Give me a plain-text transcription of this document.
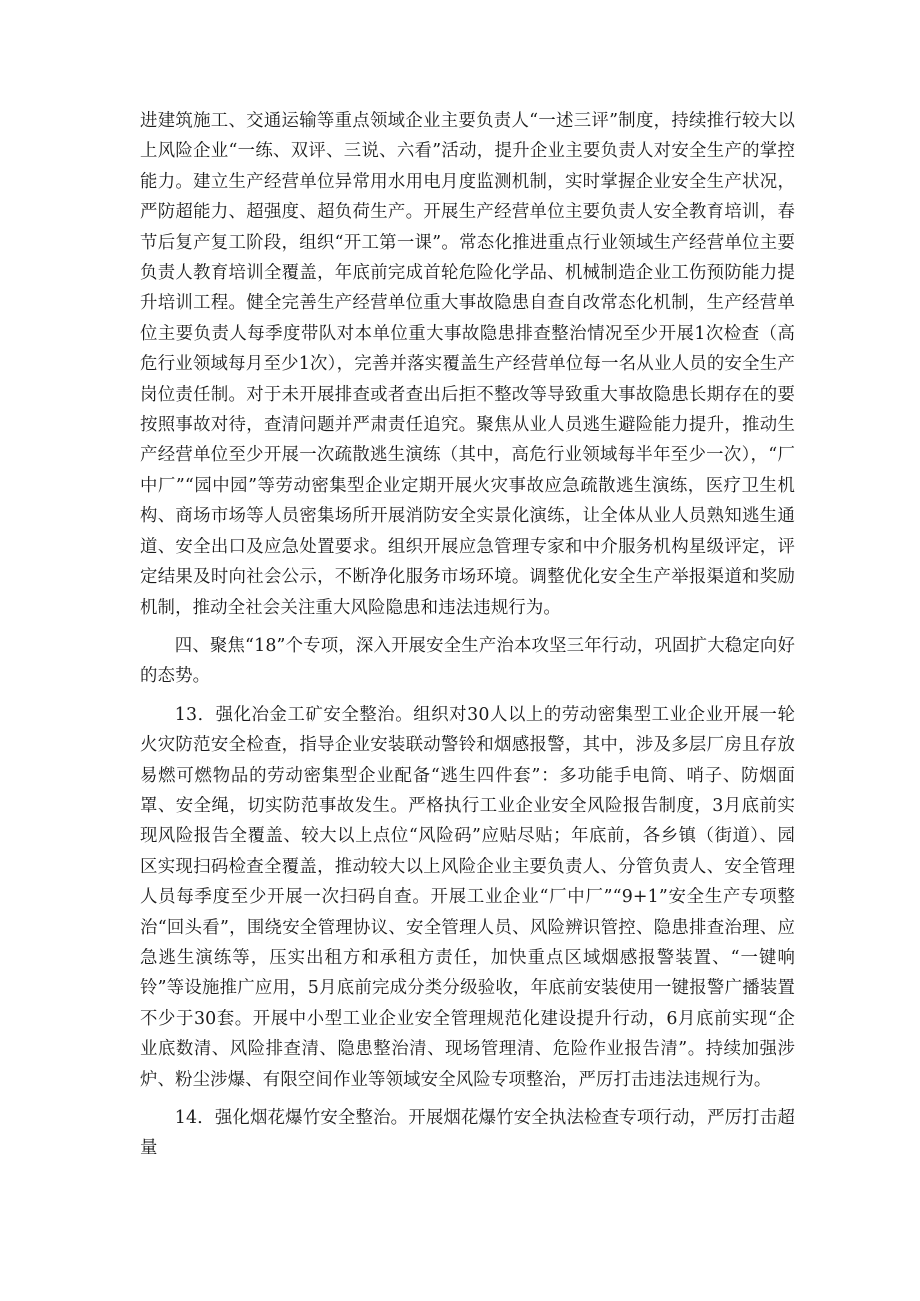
进建筑施工、交通运输等重点领域企业主要负责人“一述三评”制度，持续推行较大以上风险企业“一练、双评、三说、六看”活动，提升企业主要负责人对安全生产的掌控能力。建立生产经营单位异常用水用电月度监测机制，实时掌握企业安全生产状况，严防超能力、超强度、超负荷生产。开展生产经营单位主要负责人安全教育培训，春节后复产复工阶段，组织“开工第一课”。常态化推进重点行业领域生产经营单位主要负责人教育培训全覆盖，年底前完成首轮危险化学品、机械制造企业工伤预防能力提升培训工程。健全完善生产经营单位重大事故隐患自查自改常态化机制，生产经营单位主要负责人每季度带队对本单位重大事故隐患排查整治情况至少开展1次检查（高危行业领域每月至少1次），完善并落实覆盖生产经营单位每一名从业人员的安全生产岗位责任制。对于未开展排查或者查出后拒不整改等导致重大事故隐患长期存在的要按照事故对待，查清问题并严肃责任追究。聚焦从业人员逃生避险能力提升，推动生产经营单位至少开展一次疏散逃生演练（其中，高危行业领域每半年至少一次），“厂中厂”“园中园”等劳动密集型企业定期开展火灾事故应急疏散逃生演练，医疗卫生机构、商场市场等人员密集场所开展消防安全实景化演练，让全体从业人员熟知逃生通道、安全出口及应急处置要求。组织开展应急管理专家和中介服务机构星级评定，评定结果及时向社会公示，不断净化服务市场环境。调整优化安全生产举报渠道和奖励机制，推动全社会关注重大风险隐患和违法违规行为。

四、聚焦“18”个专项，深入开展安全生产治本攻坚三年行动，巩固扩大稳定向好的态势。

13．强化冶金工矿安全整治。组织对30人以上的劳动密集型工业企业开展一轮火灾防范安全检查，指导企业安装联动警铃和烟感报警，其中，涉及多层厂房且存放易燃可燃物品的劳动密集型企业配备“逃生四件套”：多功能手电筒、哨子、防烟面罩、安全绳，切实防范事故发生。严格执行工业企业安全风险报告制度，3月底前实现风险报告全覆盖、较大以上点位“风险码”应贴尽贴；年底前，各乡镇（街道）、园区实现扫码检查全覆盖，推动较大以上风险企业主要负责人、分管负责人、安全管理人员每季度至少开展一次扫码自查。开展工业企业“厂中厂”“9+1”安全生产专项整治“回头看”，围绕安全管理协议、安全管理人员、风险辨识管控、隐患排查治理、应急逃生演练等，压实出租方和承租方责任，加快重点区域烟感报警装置、“一键响铃”等设施推广应用，5月底前完成分类分级验收，年底前安装使用一键报警广播装置不少于30套。开展中小型工业企业安全管理规范化建设提升行动，6月底前实现“企业底数清、风险排查清、隐患整治清、现场管理清、危险作业报告清”。持续加强涉炉、粉尘涉爆、有限空间作业等领域安全风险专项整治，严厉打击违法违规行为。

14．强化烟花爆竹安全整治。开展烟花爆竹安全执法检查专项行动，严厉打击超量
